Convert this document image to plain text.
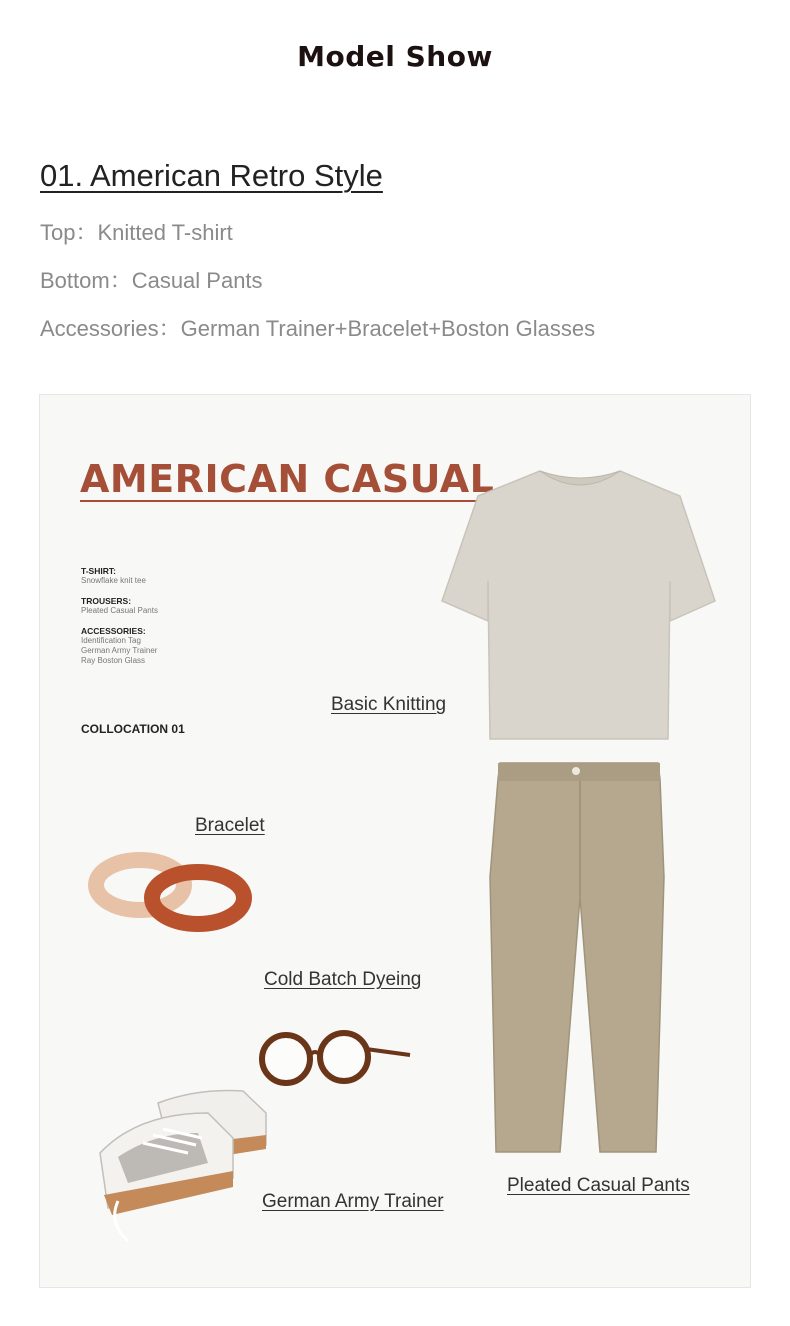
Model Show
01. American Retro Style
Top：Knitted T-shirt
Bottom：Casual Pants
Accessories：German Trainer+Bracelet+Boston Glasses
AMERICAN CASUAL
T-SHIRT:
Snowflake knit tee
TROUSERS:
Pleated Casual Pants
ACCESSORIES:
Identification Tag
German Army Trainer
Ray Boston Glass
COLLOCATION 01
Basic Knitting
Bracelet
Cold Batch Dyeing
German Army Trainer
Pleated Casual Pants
